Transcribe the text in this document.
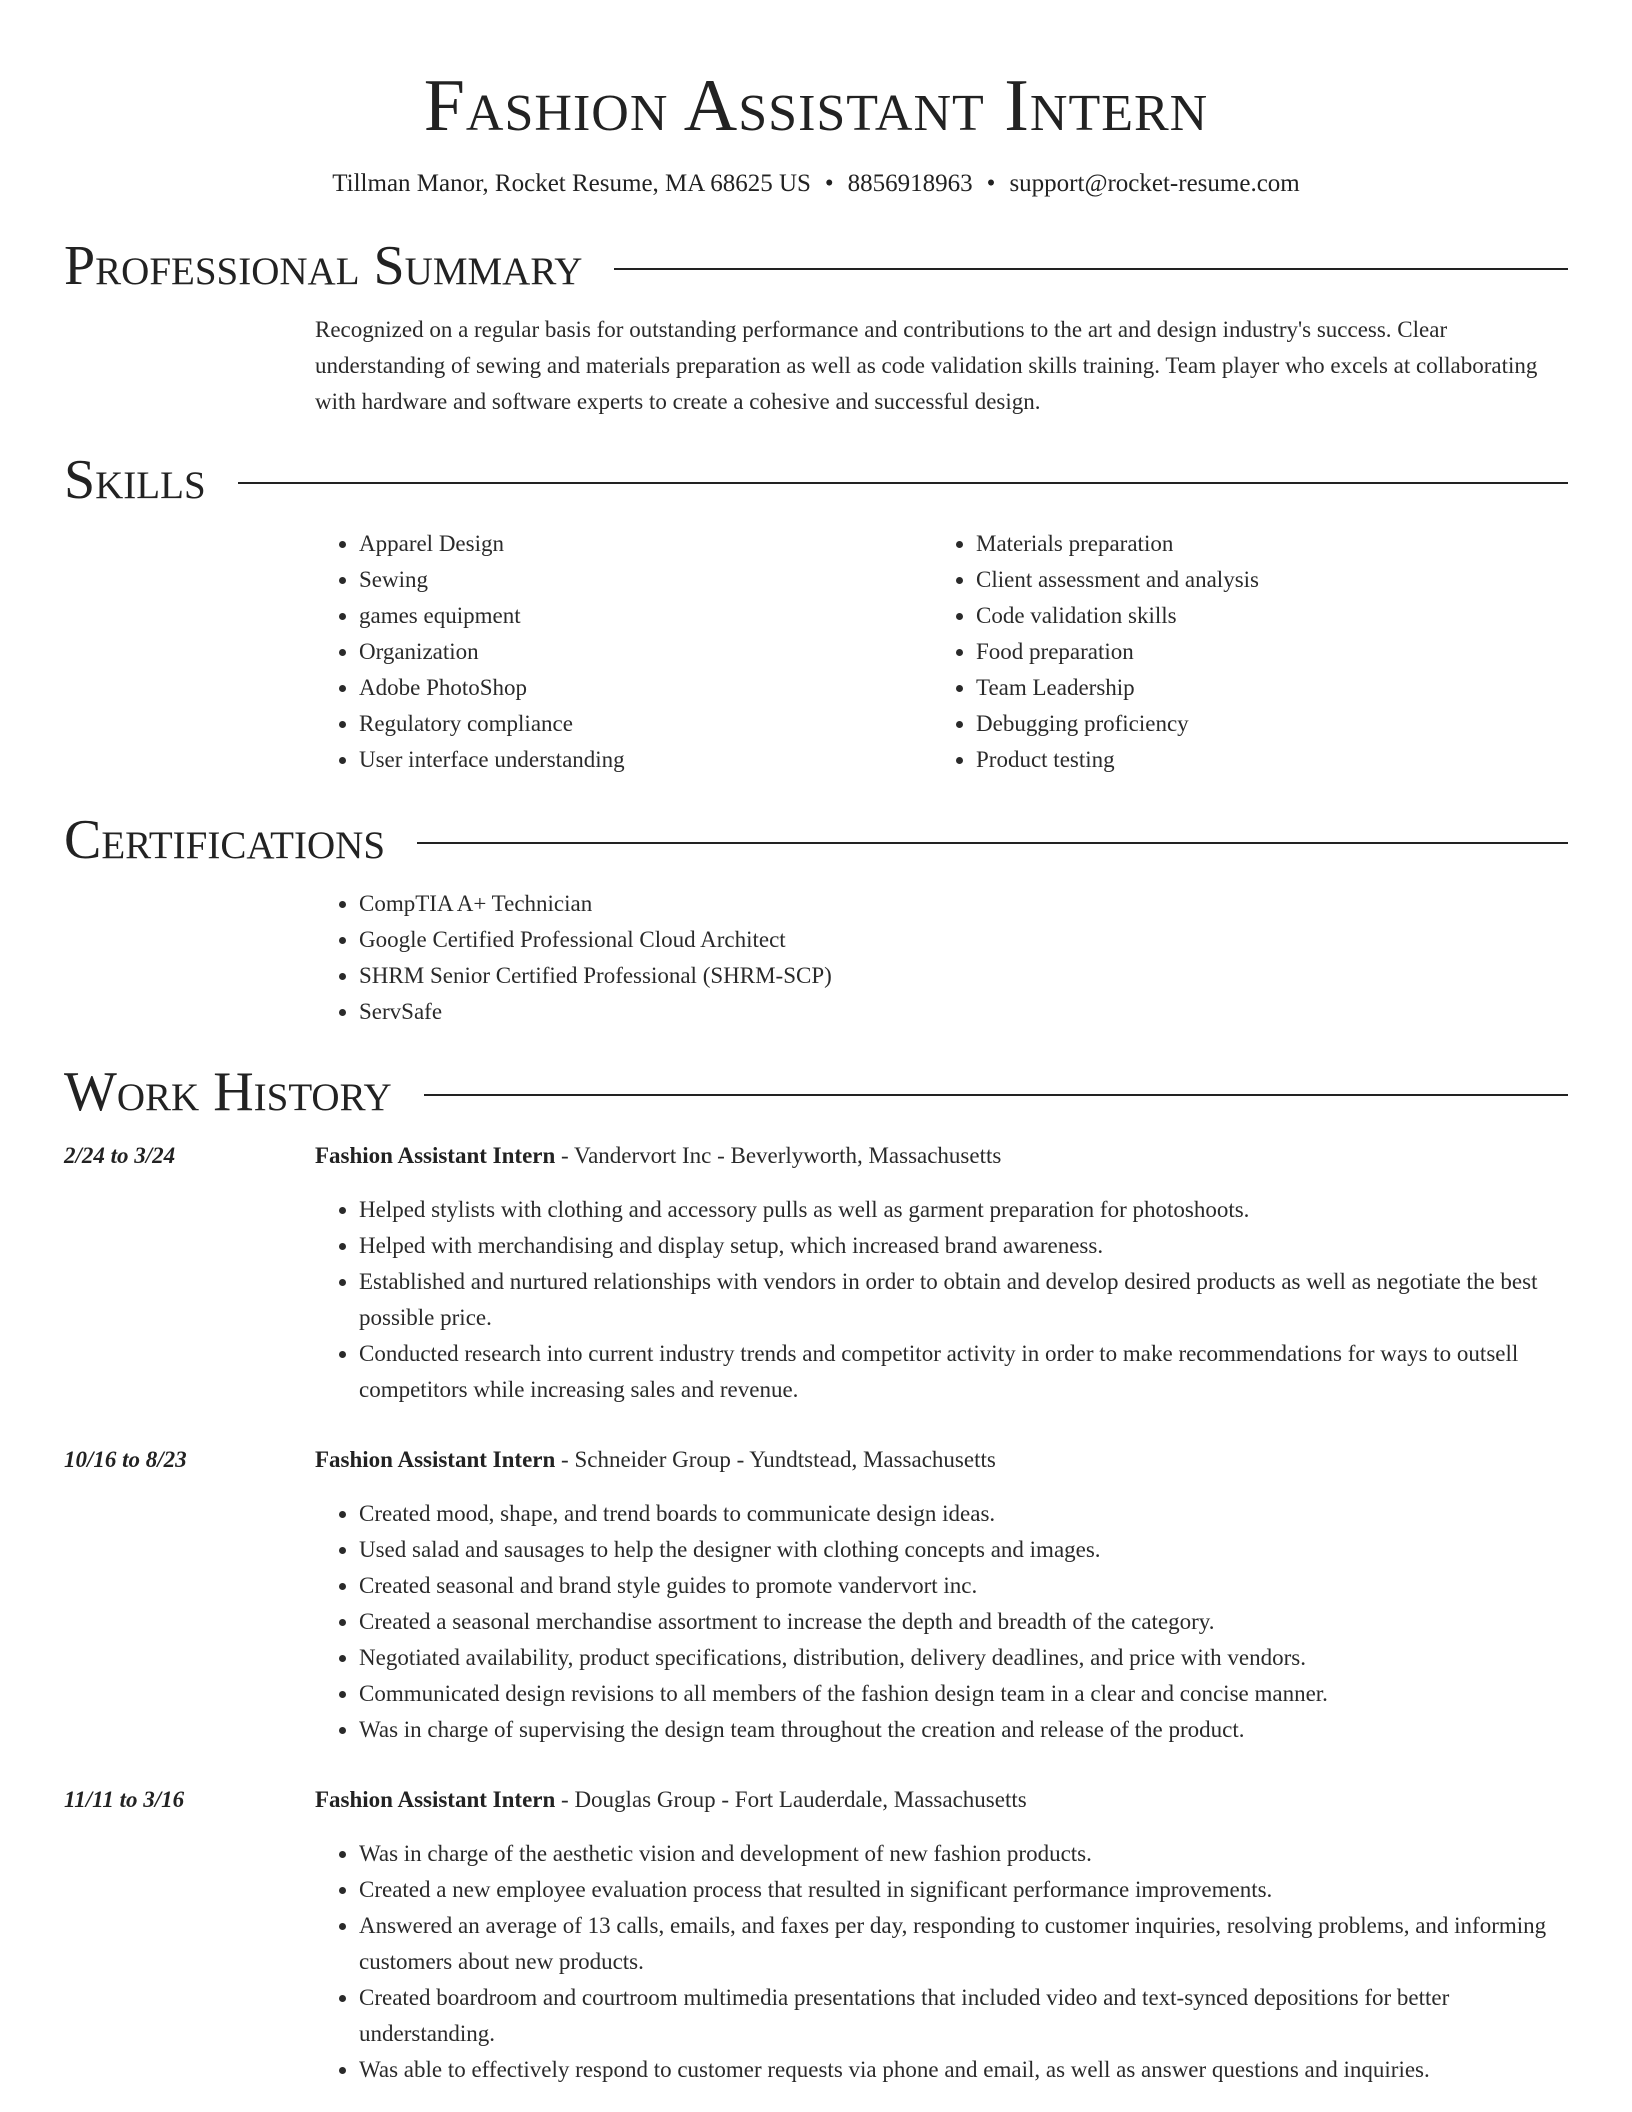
Fashion Assistant Intern
Tillman Manor, Rocket Resume, MA 68625 US • 8856918963 • support@rocket-resume.com
Professional Summary

Recognized on a regular basis for outstanding performance and contributions to the art and design industry's success. Clear understanding of sewing and materials preparation as well as code validation skills training. Team player who excels at collaborating with hardware and software experts to create a cohesive and successful design.

Skills
• Apparel Design
• Sewing
• games equipment
• Organization
• Adobe PhotoShop
• Regulatory compliance
• User interface understanding
• Materials preparation
• Client assessment and analysis
• Code validation skills
• Food preparation
• Team Leadership
• Debugging proficiency
• Product testing
Certifications
• CompTIA A+ Technician
• Google Certified Professional Cloud Architect
• SHRM Senior Certified Professional (SHRM-SCP)
• ServSafe
Work History
2/24 to 3/24	Fashion Assistant Intern - Vandervort Inc - Beverlyworth, Massachusetts

• Helped stylists with clothing and accessory pulls as well as garment preparation for photoshoots.
• Helped with merchandising and display setup, which increased brand awareness.
• Established and nurtured relationships with vendors in order to obtain and develop desired products as well as negotiate the best possible price.
• Conducted research into current industry trends and competitor activity in order to make recommendations for ways to outsell competitors while increasing sales and revenue.
10/16 to 8/23	Fashion Assistant Intern - Schneider Group - Yundtstead, Massachusetts

• Created mood, shape, and trend boards to communicate design ideas.
• Used salad and sausages to help the designer with clothing concepts and images.
• Created seasonal and brand style guides to promote vandervort inc.
• Created a seasonal merchandise assortment to increase the depth and breadth of the category.
• Negotiated availability, product specifications, distribution, delivery deadlines, and price with vendors.
• Communicated design revisions to all members of the fashion design team in a clear and concise manner.
• Was in charge of supervising the design team throughout the creation and release of the product.
11/11 to 3/16	Fashion Assistant Intern - Douglas Group - Fort Lauderdale, Massachusetts

• Was in charge of the aesthetic vision and development of new fashion products.
• Created a new employee evaluation process that resulted in significant performance improvements.
• Answered an average of 13 calls, emails, and faxes per day, responding to customer inquiries, resolving problems, and informing customers about new products.
• Created boardroom and courtroom multimedia presentations that included video and text-synced depositions for better understanding.
• Was able to effectively respond to customer requests via phone and email, as well as answer questions and inquiries.
